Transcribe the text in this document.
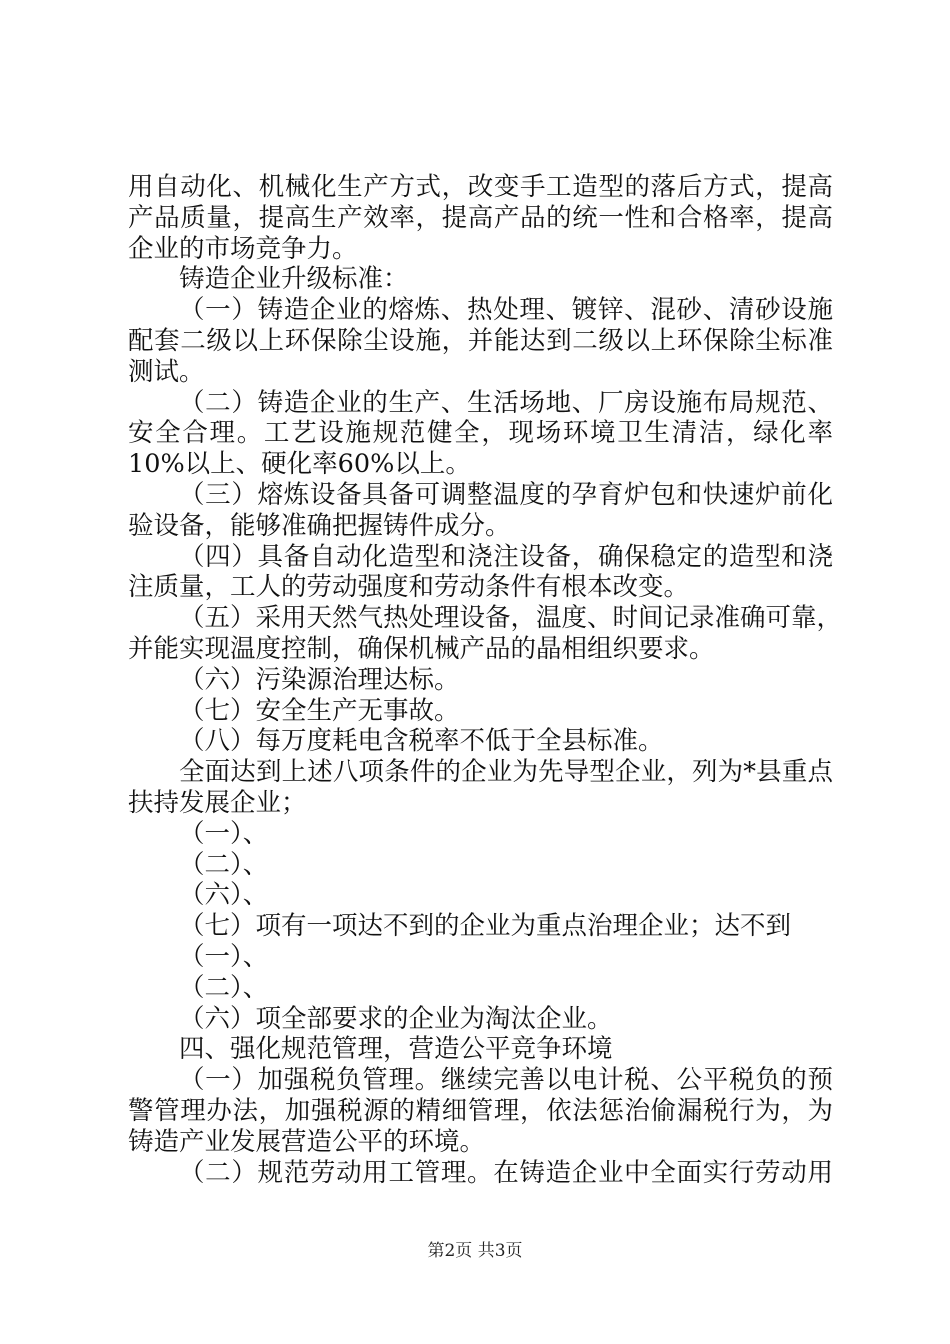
用自动化、机械化生产方式，改变手工造型的落后方式，提高
产品质量，提高生产效率，提高产品的统一性和合格率，提高
企业的市场竞争力。
铸造企业升级标准：
（一）铸造企业的熔炼、热处理、镀锌、混砂、清砂设施
配套二级以上环保除尘设施，并能达到二级以上环保除尘标准
测试。
（二）铸造企业的生产、生活场地、厂房设施布局规范、
安全合理。工艺设施规范健全，现场环境卫生清洁，绿化率
10%以上、硬化率60%以上。
（三）熔炼设备具备可调整温度的孕育炉包和快速炉前化
验设备，能够准确把握铸件成分。
（四）具备自动化造型和浇注设备，确保稳定的造型和浇
注质量，工人的劳动强度和劳动条件有根本改变。
（五）采用天然气热处理设备，温度、时间记录准确可靠，
并能实现温度控制，确保机械产品的晶相组织要求。
（六）污染源治理达标。
（七）安全生产无事故。
（八）每万度耗电含税率不低于全县标准。
全面达到上述八项条件的企业为先导型企业，列为*县重点
扶持发展企业；
（一）、
（二）、
（六）、
（七）项有一项达不到的企业为重点治理企业；达不到
（一）、
（二）、
（六）项全部要求的企业为淘汰企业。
四、强化规范管理，营造公平竞争环境
（一）加强税负管理。继续完善以电计税、公平税负的预
警管理办法，加强税源的精细管理，依法惩治偷漏税行为，为
铸造产业发展营造公平的环境。
（二）规范劳动用工管理。在铸造企业中全面实行劳动用
第2页 共3页
